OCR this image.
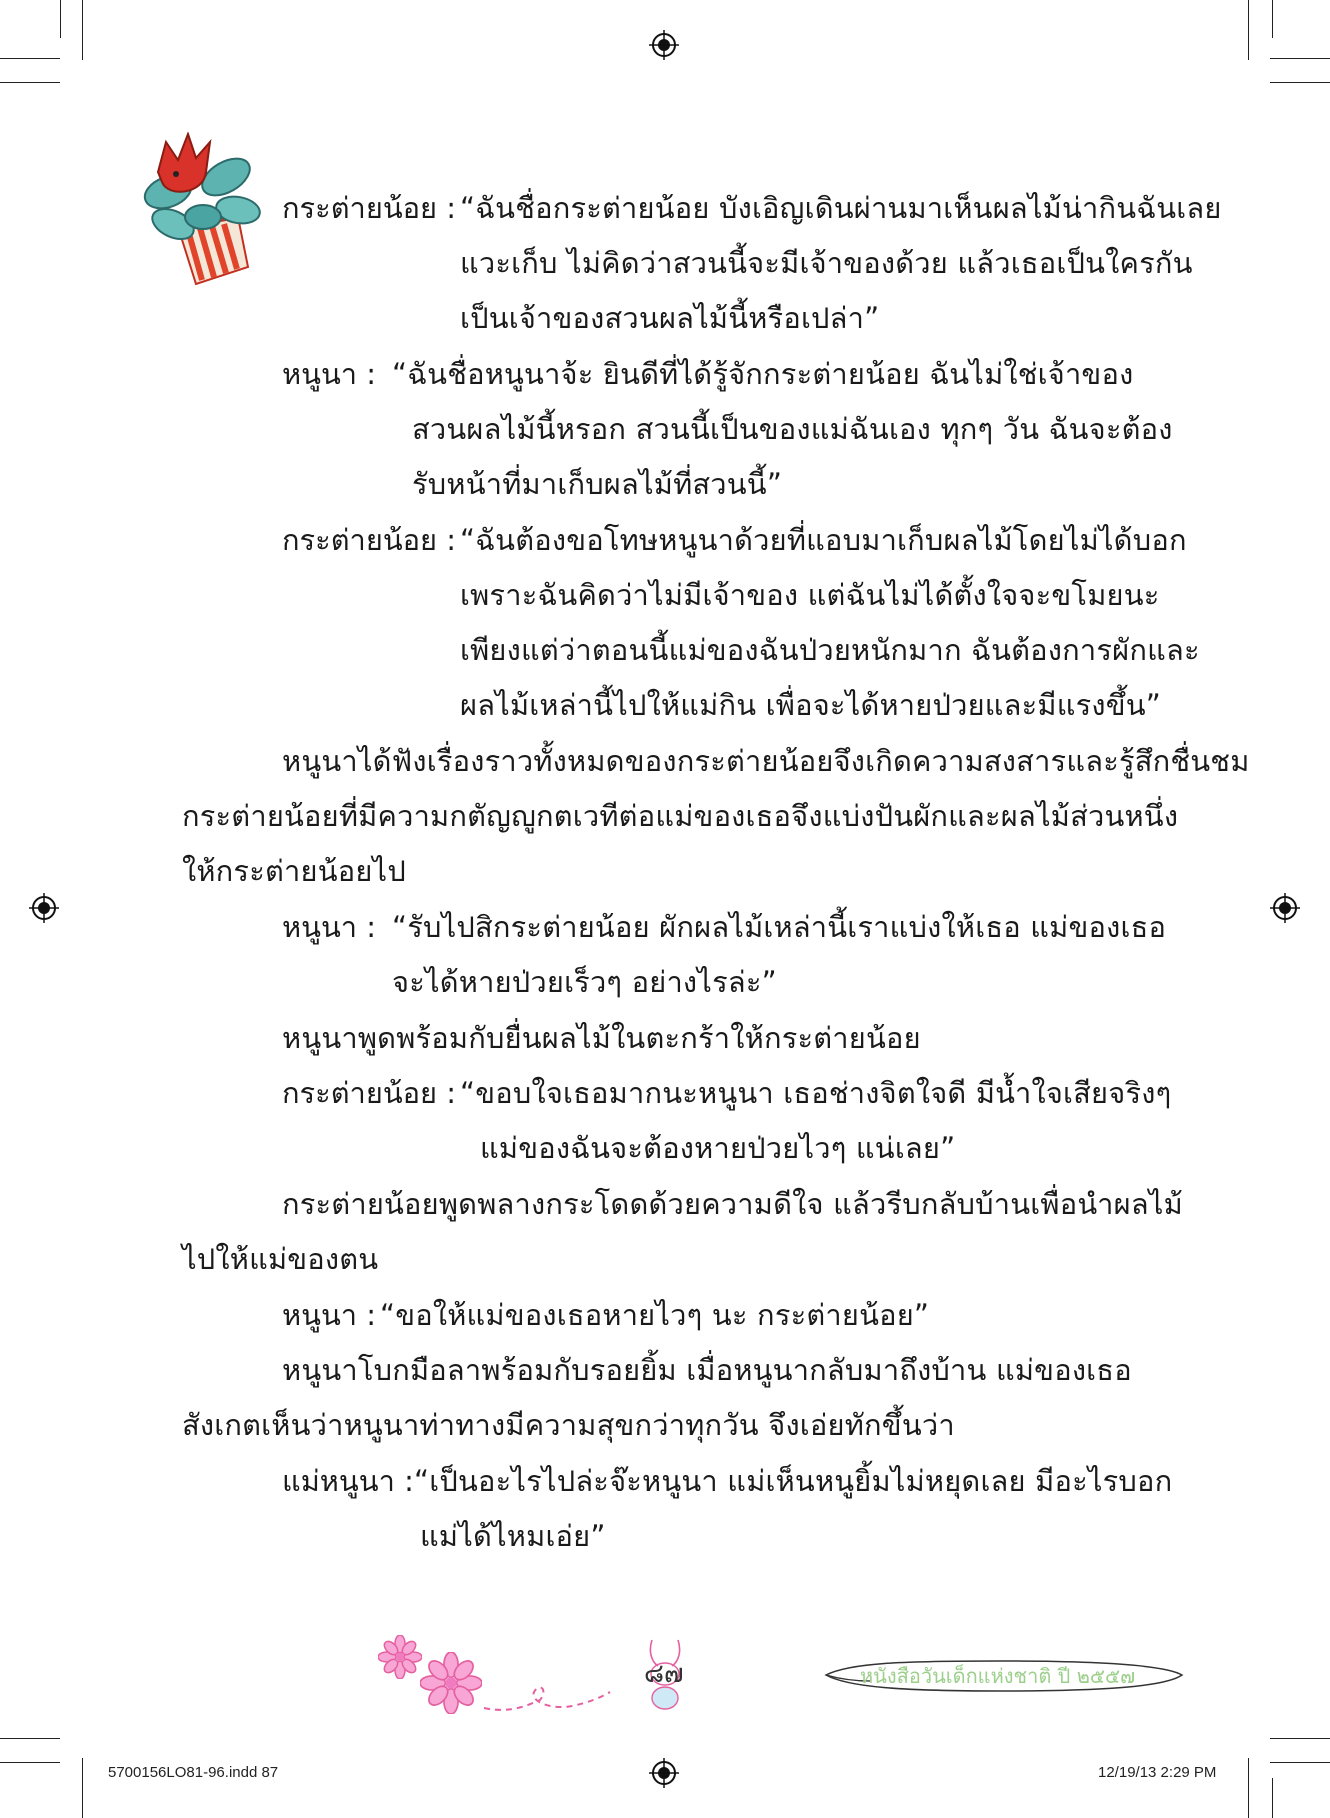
กระต่ายน้อย : “ฉันชื่อกระต่ายน้อย บังเอิญเดินผ่านมาเห็นผลไม้น่ากินฉันเลย
แวะเก็บ ไม่คิดว่าสวนนี้จะมีเจ้าของด้วย แล้วเธอเป็นใครกัน
เป็นเจ้าของสวนผลไม้นี้หรือเปล่า”
หนูนา : “ฉันชื่อหนูนาจ้ะ ยินดีที่ได้รู้จักกระต่ายน้อย ฉันไม่ใช่เจ้าของ
สวนผลไม้นี้หรอก สวนนี้เป็นของแม่ฉันเอง ทุกๆ วัน ฉันจะต้อง
รับหน้าที่มาเก็บผลไม้ที่สวนนี้”
กระต่ายน้อย : “ฉันต้องขอโทษหนูนาด้วยที่แอบมาเก็บผลไม้โดยไม่ได้บอก
เพราะฉันคิดว่าไม่มีเจ้าของ แต่ฉันไม่ได้ตั้งใจจะขโมยนะ
เพียงแต่ว่าตอนนี้แม่ของฉันป่วยหนักมาก ฉันต้องการผักและ
ผลไม้เหล่านี้ไปให้แม่กิน เพื่อจะได้หายป่วยและมีแรงขึ้น”
หนูนาได้ฟังเรื่องราวทั้งหมดของกระต่ายน้อยจึงเกิดความสงสารและรู้สึกชื่นชม
กระต่ายน้อยที่มีความกตัญญูกตเวทีต่อแม่ของเธอจึงแบ่งปันผักและผลไม้ส่วนหนึ่ง
ให้กระต่ายน้อยไป
หนูนา : “รับไปสิกระต่ายน้อย ผักผลไม้เหล่านี้เราแบ่งให้เธอ แม่ของเธอ
จะได้หายป่วยเร็วๆ อย่างไรล่ะ”
หนูนาพูดพร้อมกับยื่นผลไม้ในตะกร้าให้กระต่ายน้อย
กระต่ายน้อย : “ขอบใจเธอมากนะหนูนา เธอช่างจิตใจดี มีน้ำใจเสียจริงๆ
แม่ของฉันจะต้องหายป่วยไวๆ แน่เลย”
กระต่ายน้อยพูดพลางกระโดดด้วยความดีใจ แล้วรีบกลับบ้านเพื่อนำผลไม้
ไปให้แม่ของตน
หนูนา : “ขอให้แม่ของเธอหายไวๆ นะ กระต่ายน้อย”
หนูนาโบกมือลาพร้อมกับรอยยิ้ม เมื่อหนูนากลับมาถึงบ้าน แม่ของเธอ
สังเกตเห็นว่าหนูนาท่าทางมีความสุขกว่าทุกวัน จึงเอ่ยทักขึ้นว่า
แม่หนูนา : “เป็นอะไรไปล่ะจ๊ะหนูนา แม่เห็นหนูยิ้มไม่หยุดเลย มีอะไรบอก
แม่ได้ไหมเอ่ย”
๘๗	หนังสือวันเด็กแห่งชาติ ปี ๒๕๕๗
5700156LO81-96.indd 87	12/19/13 2:29 PM
